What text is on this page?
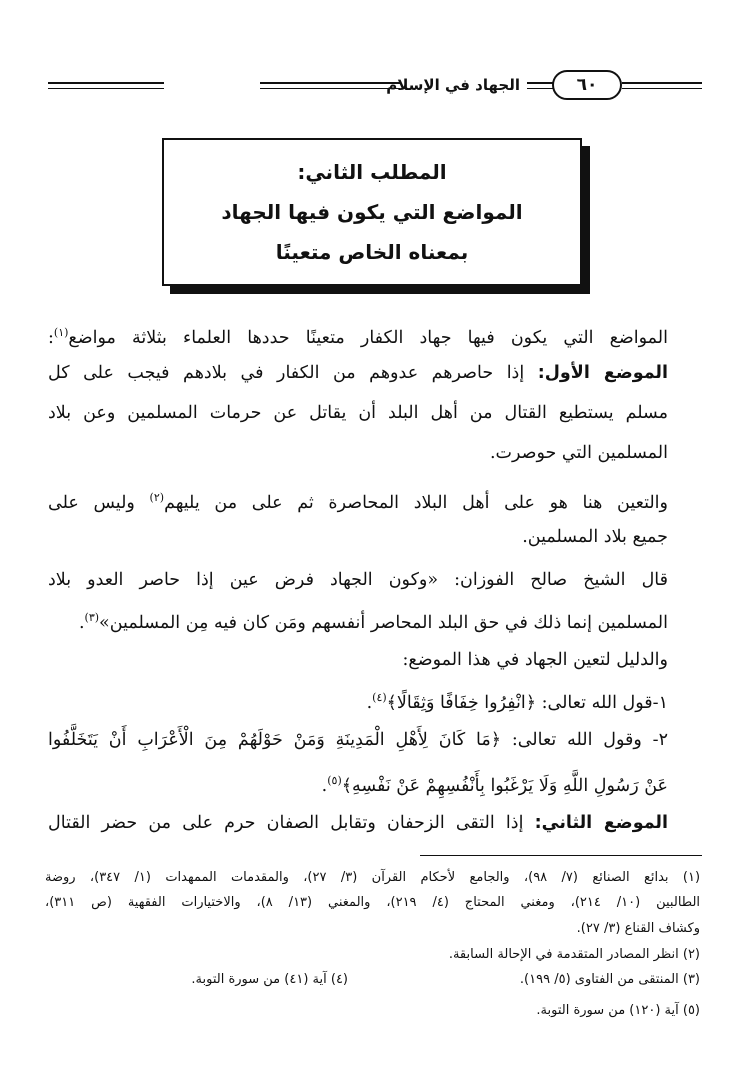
الجهاد في الإسلام	٦٠
المطلب الثاني:
المواضع التي يكون فيها الجهاد
بمعناه الخاص متعينًا
المواضع التي يكون فيها جهاد الكفار متعينًا حددها العلماء بثلاثة مواضع$^{(١)}$:
الموضع الأول: إذا حاصرهم عدوهم من الكفار في بلادهم فيجب على كل
مسلم يستطيع القتال من أهل البلد أن يقاتل عن حرمات المسلمين وعن بلاد
المسلمين التي حوصرت.
والتعين هنا هو على أهل البلاد المحاصرة ثم على من يليهم$^{(٢)}$ وليس على
جميع بلاد المسلمين.
قال الشيخ صالح الفوزان: «وكون الجهاد فرض عين إذا حاصر العدو بلاد
المسلمين إنما ذلك في حق البلد المحاصر أنفسهم ومَن كان فيه مِن المسلمين»$^{(٣)}$.
والدليل لتعين الجهاد في هذا الموضع:
١-قول الله تعالى: ﴿انْفِرُوا خِفَافًا وَثِقَالًا﴾$^{(٤)}$.
٢- وقول الله تعالى: ﴿مَا كَانَ لِأَهْلِ الْمَدِينَةِ وَمَنْ حَوْلَهُمْ مِنَ الْأَعْرَابِ أَنْ يَتَخَلَّفُوا
عَنْ رَسُولِ اللَّهِ وَلَا يَرْغَبُوا بِأَنْفُسِهِمْ عَنْ نَفْسِهِ﴾$^{(٥)}$.
الموضع الثاني: إذا التقى الزحفان وتقابل الصفان حرم على من حضر القتال
(١) بدائع الصنائع (٧/ ٩٨)، والجامع لأحكام القرآن (٣/ ٢٧)، والمقدمات الممهدات (١/ ٣٤٧)، روضة
الطالبين (١٠/ ٢١٤)، ومغني المحتاج (٤/ ٢١٩)، والمغني (١٣/ ٨)، والاختيارات الفقهية (ص ٣١١)،
وكشاف القناع (٣/ ٢٧).
(٢) انظر المصادر المتقدمة في الإحالة السابقة.
(٣) المنتقى من الفتاوى (٥/ ١٩٩).
(٤) آية (٤١) من سورة التوبة.
(٥) آية (١٢٠) من سورة التوبة.
